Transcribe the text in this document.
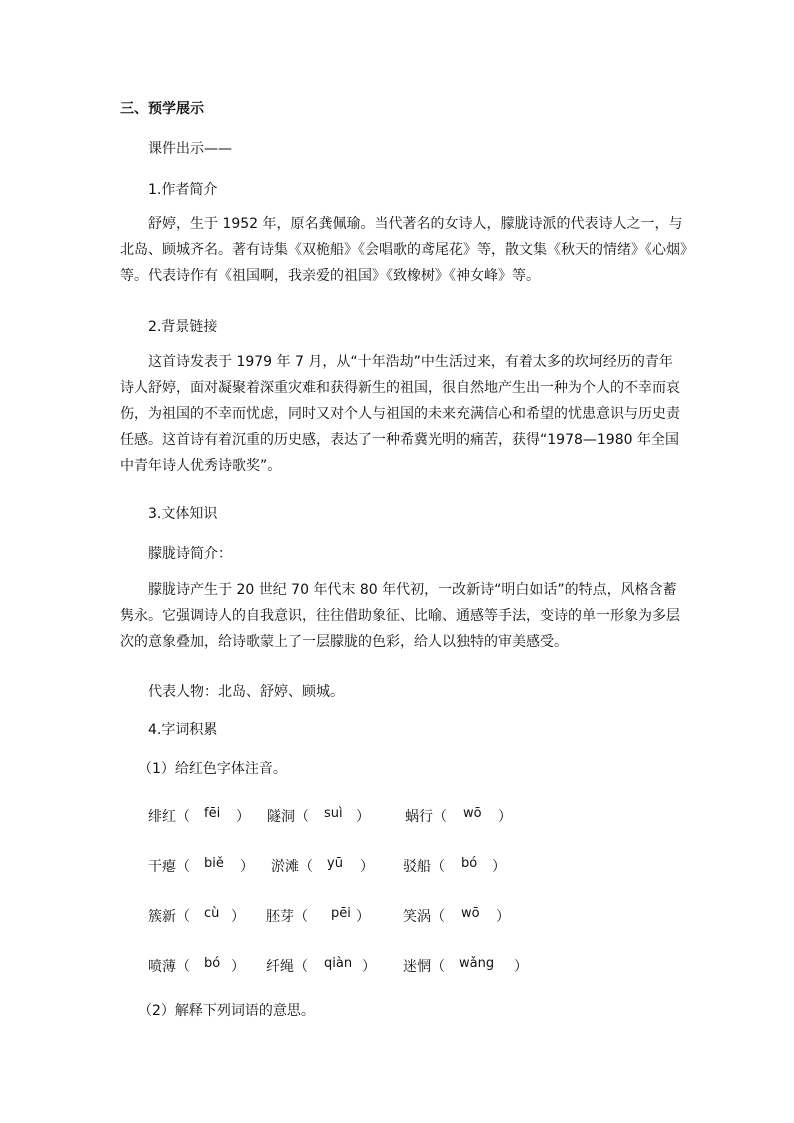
三、预学展示
课件出示——
1.作者简介
舒婷，生于 1952 年，原名龚佩瑜。当代著名的女诗人，朦胧诗派的代表诗人之一，与
北岛、顾城齐名。著有诗集《双桅船》《会唱歌的鸢尾花》等，散文集《秋天的情绪》《心烟》
等。代表诗作有《祖国啊，我亲爱的祖国》《致橡树》《神女峰》等。
2.背景链接
这首诗发表于 1979 年 7 月，从“十年浩劫”中生活过来，有着太多的坎坷经历的青年
诗人舒婷，面对凝聚着深重灾难和获得新生的祖国，很自然地产生出一种为个人的不幸而哀
伤，为祖国的不幸而忧虑，同时又对个人与祖国的未来充满信心和希望的忧患意识与历史责
任感。这首诗有着沉重的历史感，表达了一种希冀光明的痛苦，获得“1978—1980 年全国
中青年诗人优秀诗歌奖”。
3.文体知识
朦胧诗简介：
朦胧诗产生于 20 世纪 70 年代末 80 年代初，一改新诗“明白如话”的特点，风格含蓄
隽永。它强调诗人的自我意识，往往借助象征、比喻、通感等手法，变诗的单一形象为多层
次的意象叠加，给诗歌蒙上了一层朦胧的色彩，给人以独特的审美感受。
代表人物：北岛、舒婷、顾城。
4.字词积累
（1）给红色字体注音。
绯红（ fēi ） 隧洞（ suì ）	蜗行（ wō ）
干瘪（ biě ） 淤滩（ yū ） 驳船（ bó ）
簇新（ cù ） 胚芽（ pēi ） 笑涡（ wō ）
喷薄（ bó ） 纤绳（ qiàn ） 迷惘（ wǎng ）
（2）解释下列词语的意思。
